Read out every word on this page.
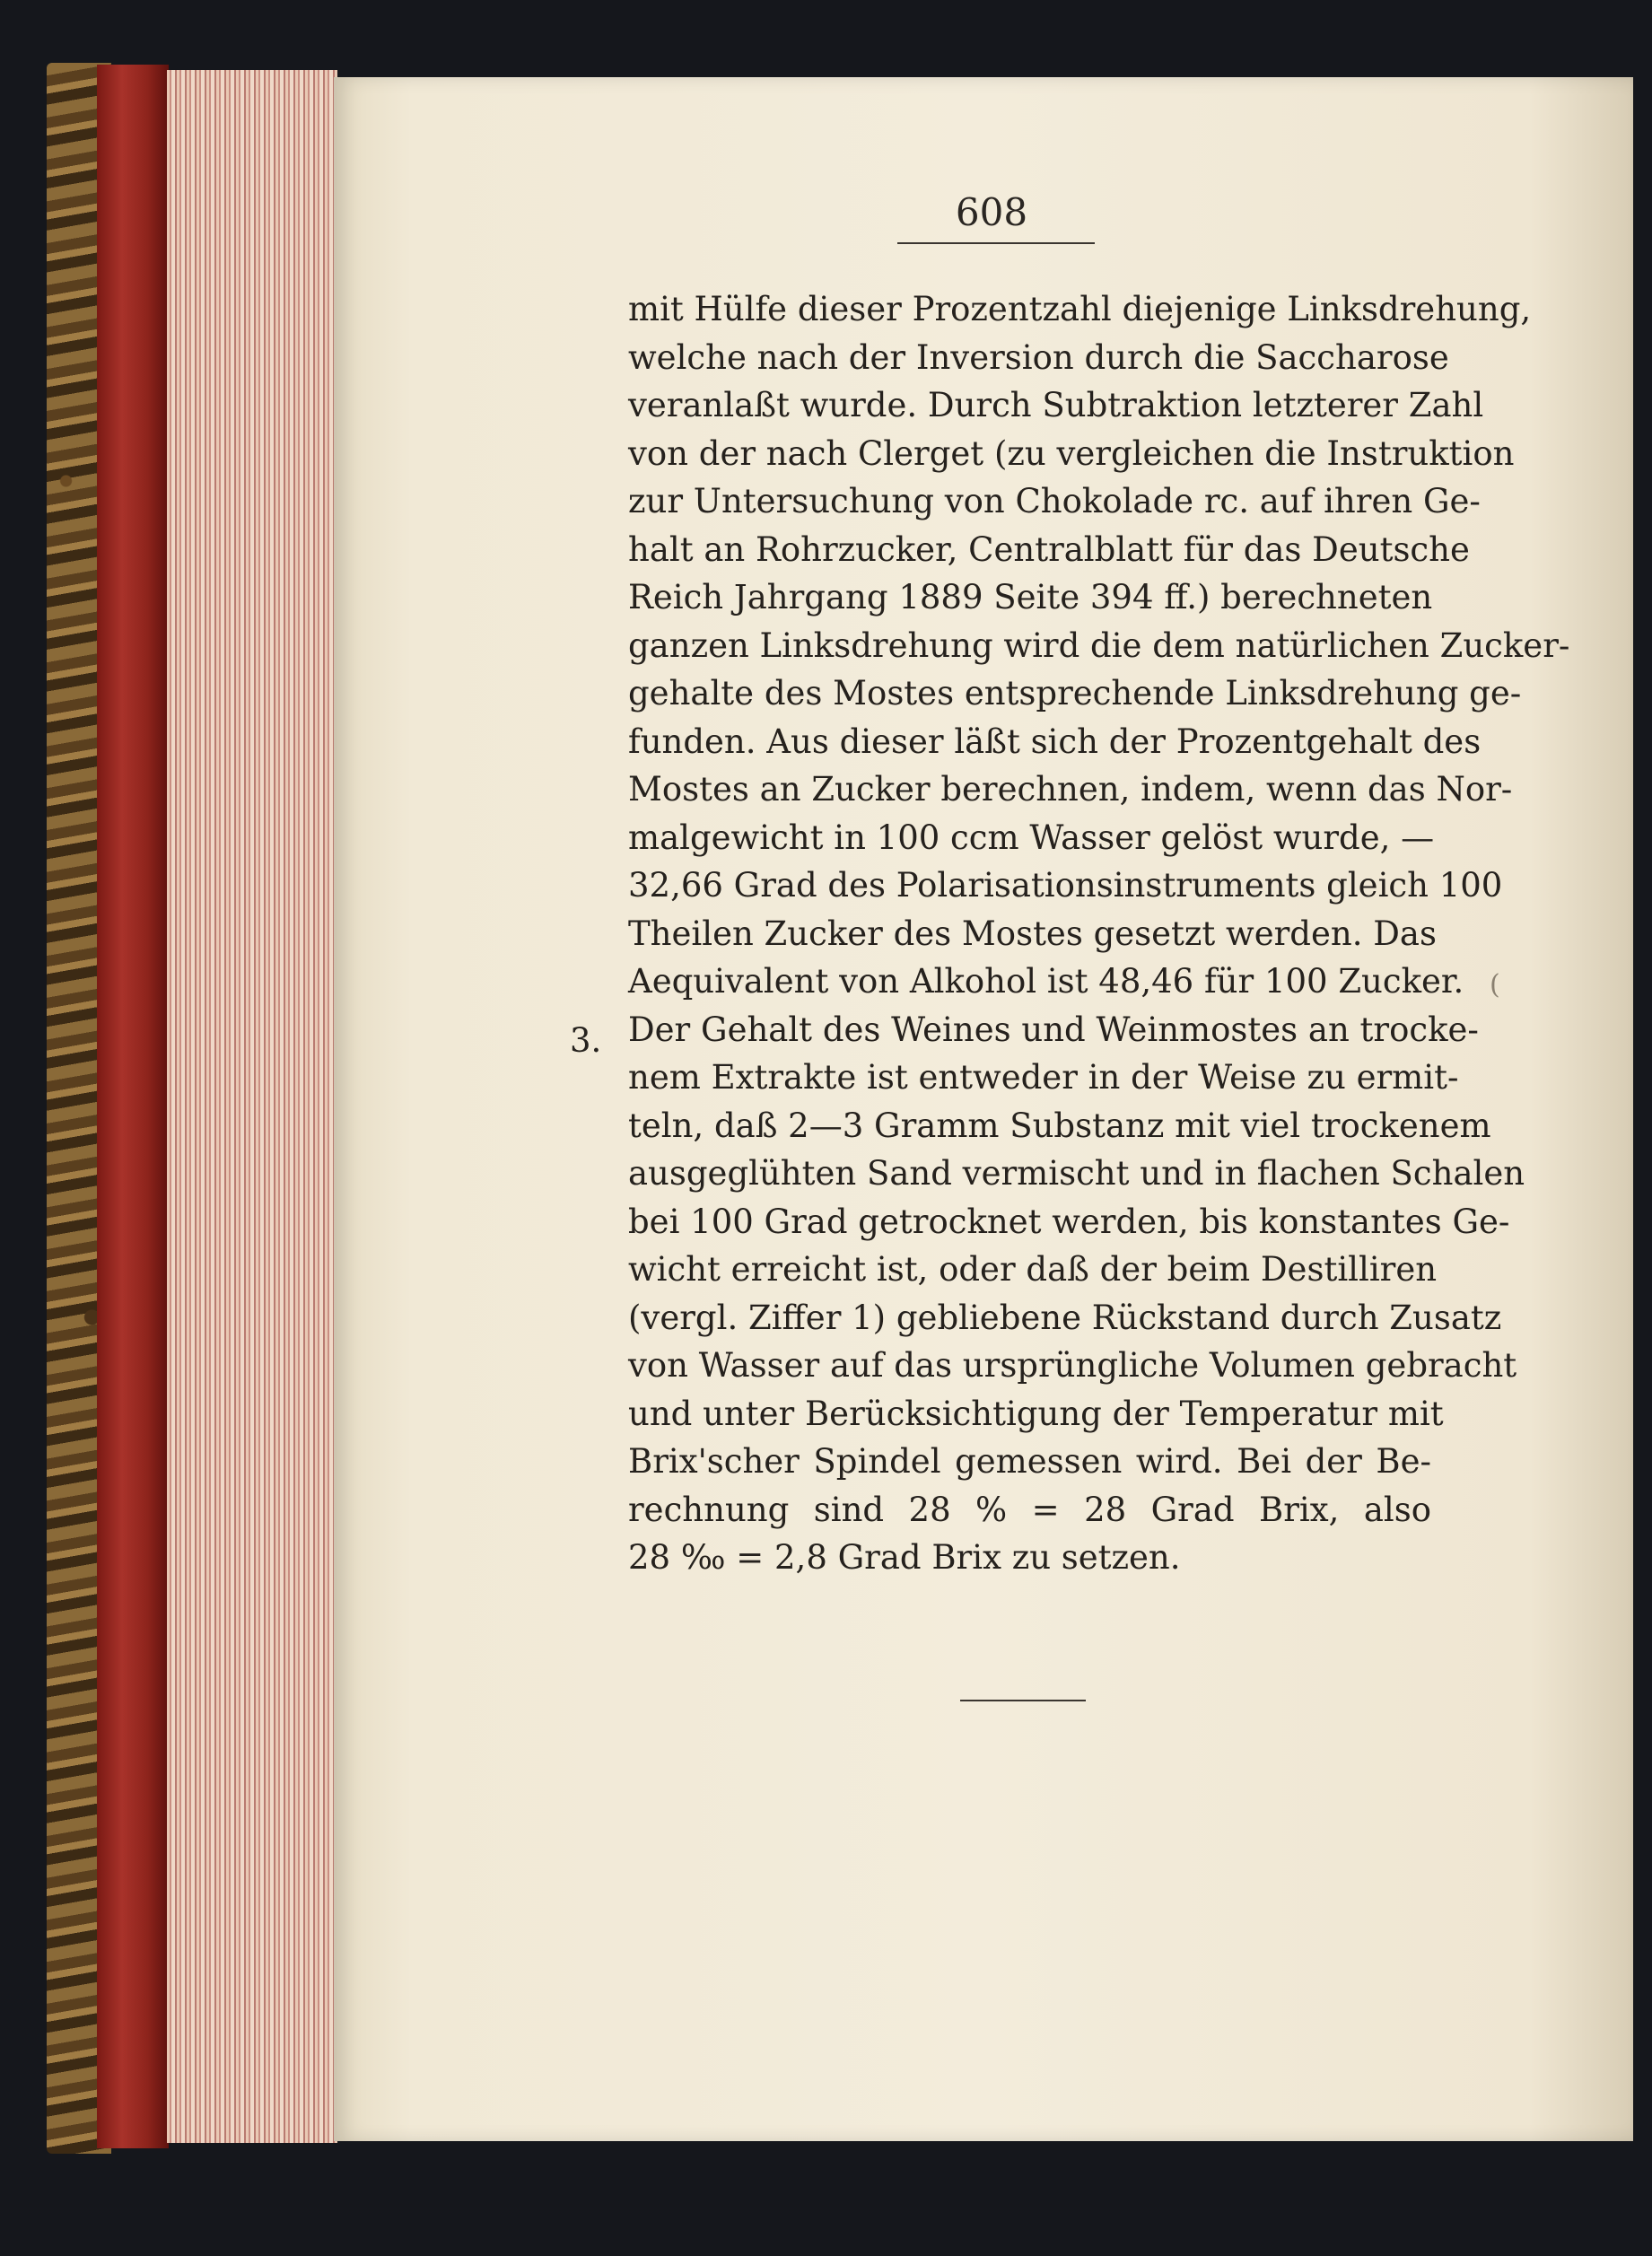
608
3.
(
mit Hülfe dieser Prozentzahl diejenige Linksdrehung,
welche nach der Inversion durch die Saccharose
veranlaßt wurde. Durch Subtraktion letzterer Zahl
von der nach Clerget (zu vergleichen die Instruktion
zur Untersuchung von Chokolade rc. auf ihren Ge-
halt an Rohrzucker, Centralblatt für das Deutsche
Reich Jahrgang 1889 Seite 394 ff.) berechneten
ganzen Linksdrehung wird die dem natürlichen Zucker-
gehalte des Mostes entsprechende Linksdrehung ge-
funden. Aus dieser läßt sich der Prozentgehalt des
Mostes an Zucker berechnen, indem, wenn das Nor-
malgewicht in 100 ccm Wasser gelöst wurde, —
32,66 Grad des Polarisationsinstruments gleich 100
Theilen Zucker des Mostes gesetzt werden. Das
Aequivalent von Alkohol ist 48,46 für 100 Zucker.
Der Gehalt des Weines und Weinmostes an trocke-
nem Extrakte ist entweder in der Weise zu ermit-
teln, daß 2—3 Gramm Substanz mit viel trockenem
ausgeglühten Sand vermischt und in flachen Schalen
bei 100 Grad getrocknet werden, bis konstantes Ge-
wicht erreicht ist, oder daß der beim Destilliren
(vergl. Ziffer 1) gebliebene Rückstand durch Zusatz
von Wasser auf das ursprüngliche Volumen gebracht
und unter Berücksichtigung der Temperatur mit
Brix'scher Spindel gemessen wird. Bei der Be-
rechnung sind 28 % = 28 Grad Brix, also
28 ‰ = 2,8 Grad Brix zu setzen.
